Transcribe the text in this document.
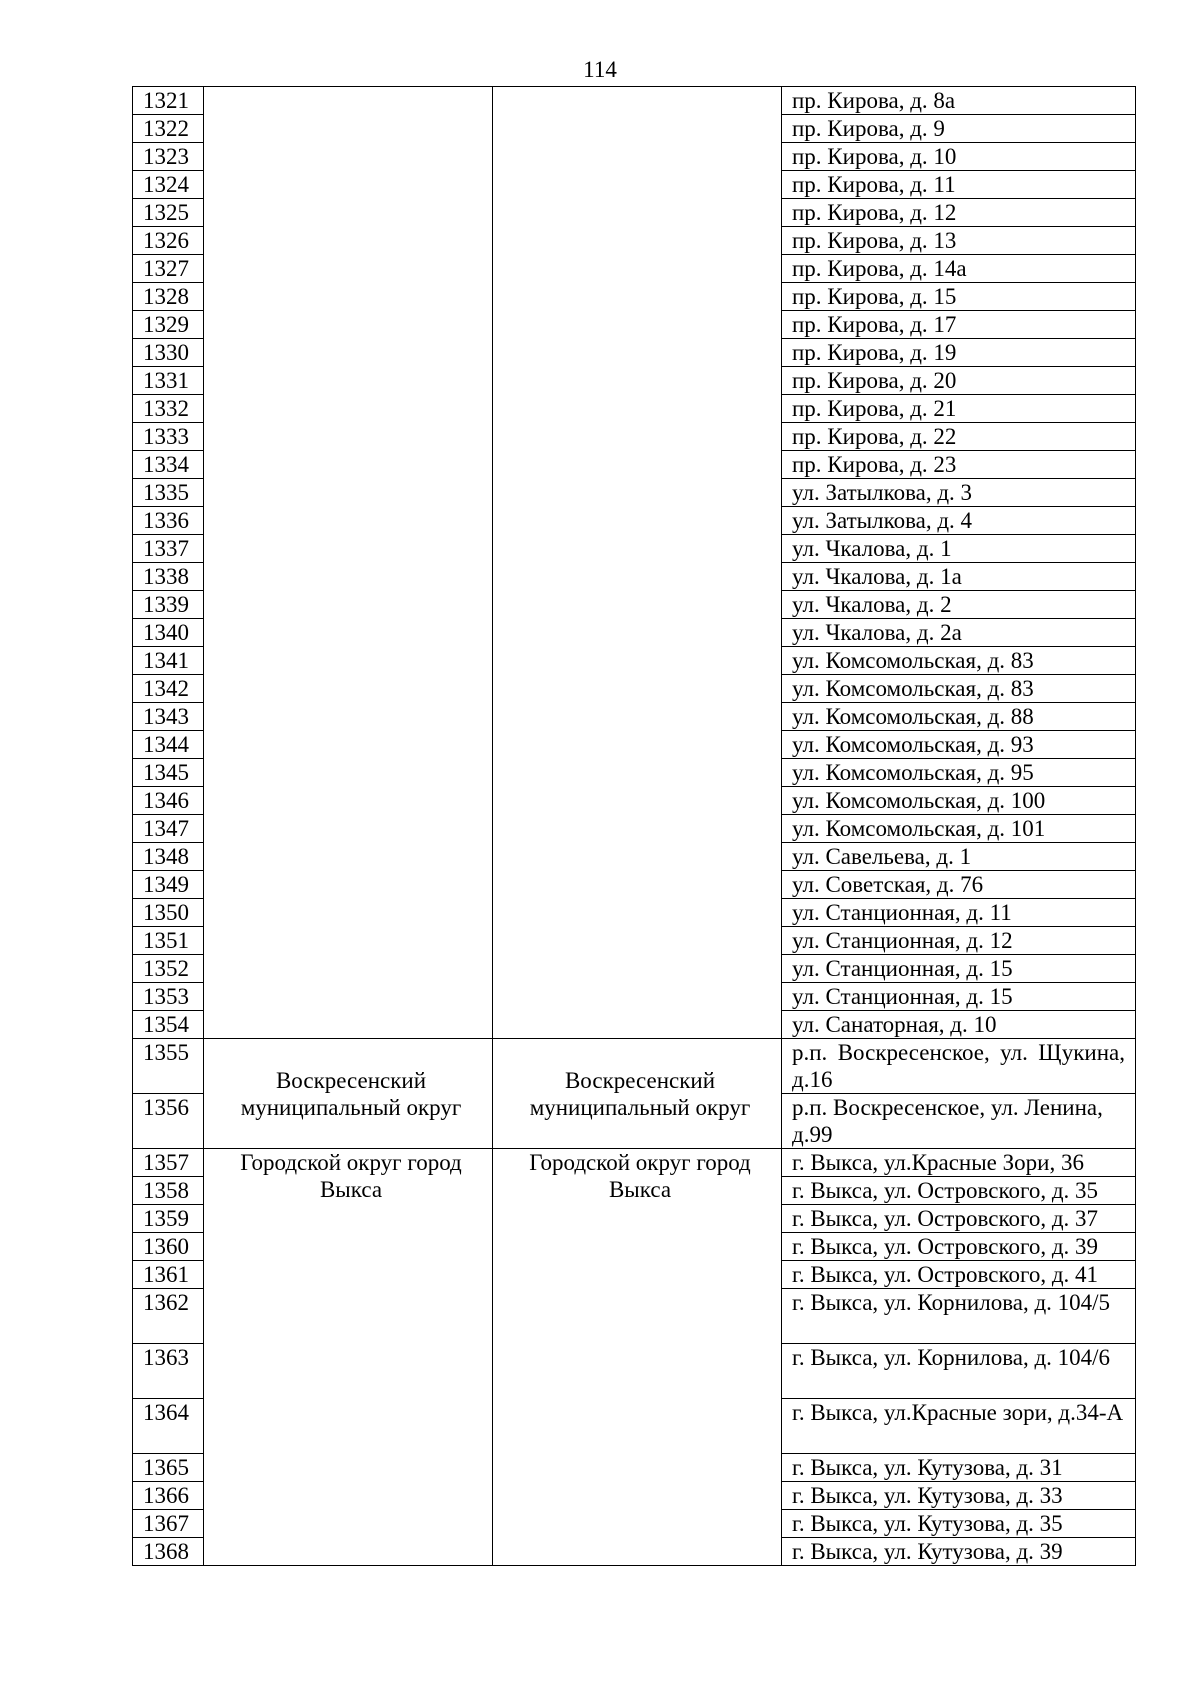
114
1321			пр. Кирова, д. 8а
1322			пр. Кирова, д. 9
1323			пр. Кирова, д. 10
1324			пр. Кирова, д. 11
1325			пр. Кирова, д. 12
1326			пр. Кирова, д. 13
1327			пр. Кирова, д. 14а
1328			пр. Кирова, д. 15
1329			пр. Кирова, д. 17
1330			пр. Кирова, д. 19
1331			пр. Кирова, д. 20
1332			пр. Кирова, д. 21
1333			пр. Кирова, д. 22
1334			пр. Кирова, д. 23
1335			ул. Затылкова, д. 3
1336			ул. Затылкова, д. 4
1337			ул. Чкалова, д. 1
1338			ул. Чкалова, д. 1а
1339			ул. Чкалова, д. 2
1340			ул. Чкалова, д. 2а
1341			ул. Комсомольская, д. 83
1342			ул. Комсомольская, д. 83
1343			ул. Комсомольская, д. 88
1344			ул. Комсомольская, д. 93
1345			ул. Комсомольская, д. 95
1346			ул. Комсомольская, д. 100
1347			ул. Комсомольская, д. 101
1348			ул. Савельева, д. 1
1349			ул. Советская, д. 76
1350			ул. Станционная, д. 11
1351			ул. Станционная, д. 12
1352			ул. Станционная, д. 15
1353			ул. Станционная, д. 15
1354			ул. Санаторная, д. 10
1355	Воскресенский муниципальный округ	Воскресенский муниципальный округ	р.п. Воскресенское, ул. Щукина, д.16
1356			р.п. Воскресенское, ул. Ленина, д.99
1357	Городской округ город Выкса	Городской округ город Выкса	г. Выкса, ул.Красные Зори, 36
1358			г. Выкса, ул. Островского, д. 35
1359			г. Выкса, ул. Островского, д. 37
1360			г. Выкса, ул. Островского, д. 39
1361			г. Выкса, ул. Островского, д. 41
1362			г. Выкса, ул. Корнилова, д. 104/5
1363			г. Выкса, ул. Корнилова, д. 104/6
1364			г. Выкса, ул.Красные зори, д.34-А
1365			г. Выкса, ул. Кутузова, д. 31
1366			г. Выкса, ул. Кутузова, д. 33
1367			г. Выкса, ул. Кутузова, д. 35
1368			г. Выкса, ул. Кутузова, д. 39
